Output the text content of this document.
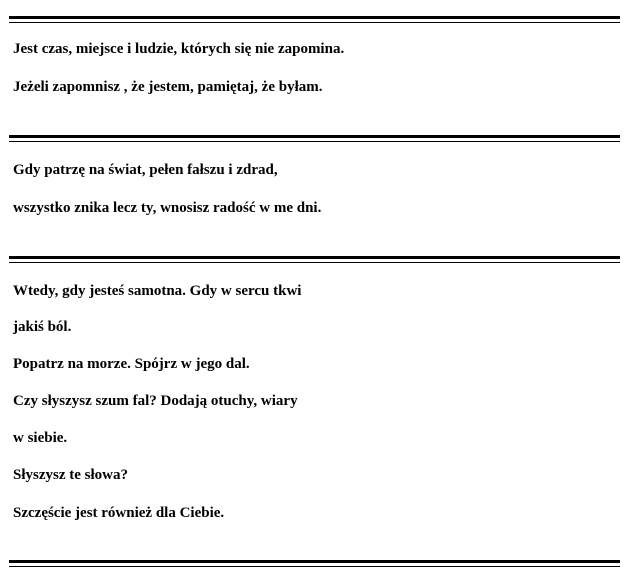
Jest czas, miejsce i ludzie, których się nie zapomina.
Jeżeli zapomnisz , że jestem, pamiętaj, że byłam.
Gdy patrzę na świat, pełen fałszu i zdrad,
wszystko znika lecz ty, wnosisz radość w me dni.
Wtedy, gdy jesteś samotna. Gdy w sercu tkwi
jakiś ból.
Popatrz na morze. Spójrz w jego dal.
Czy słyszysz szum fal? Dodają otuchy, wiary
w siebie.
Słyszysz te słowa?
Szczęście jest również dla Ciebie.
